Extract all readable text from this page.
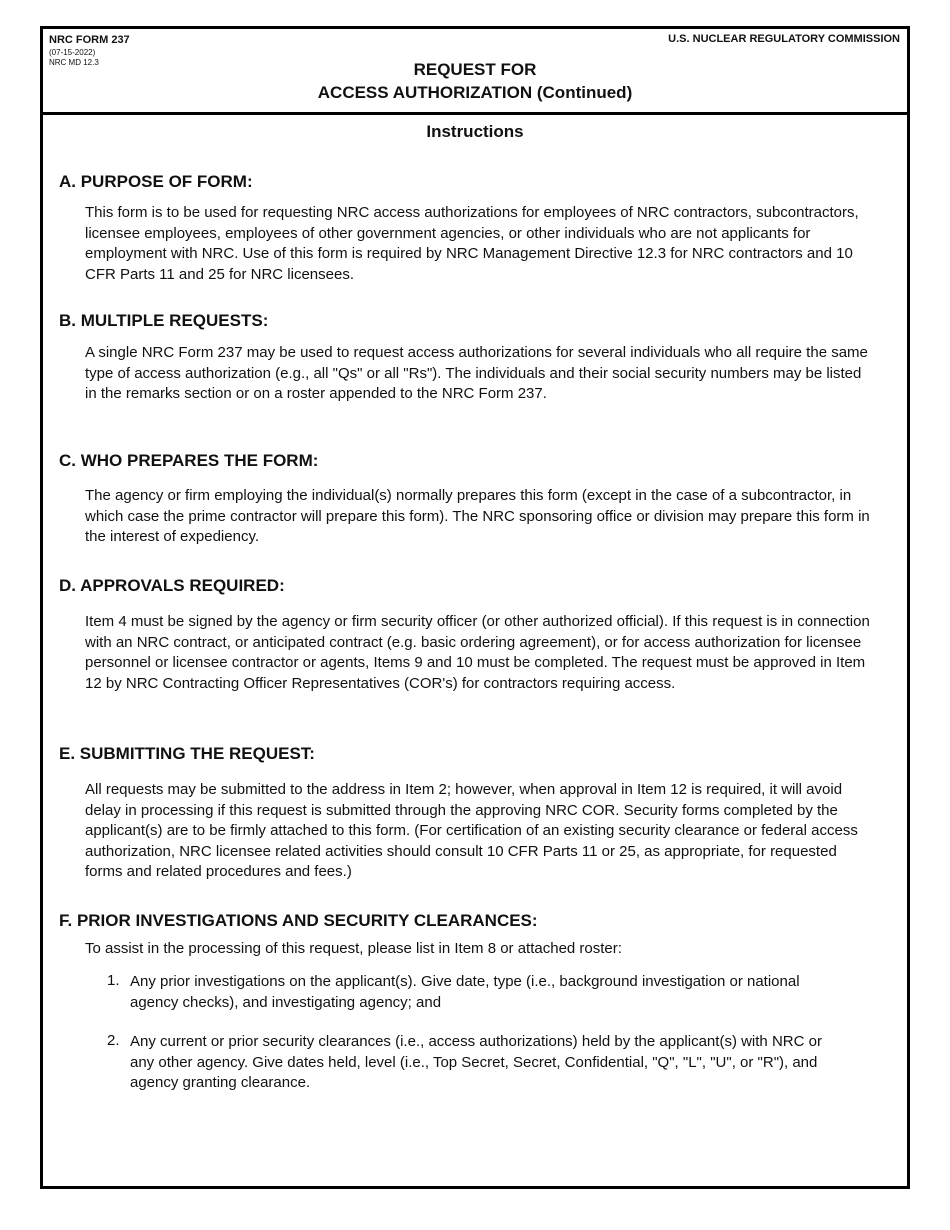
NRC FORM 237
(07-15-2022)
NRC MD 12.3
U.S. NUCLEAR REGULATORY COMMISSION
REQUEST FOR
ACCESS AUTHORIZATION (Continued)
Instructions
A. PURPOSE OF FORM:
This form is to be used for requesting NRC access authorizations for employees of NRC contractors, subcontractors, licensee employees, employees of other government agencies, or other individuals who are not applicants for employment with NRC. Use of this form is required by NRC Management Directive 12.3 for NRC contractors and 10 CFR Parts 11 and 25 for NRC licensees.
B. MULTIPLE REQUESTS:
A single NRC Form 237 may be used to request access authorizations for several individuals who all require the same type of access authorization (e.g., all "Qs" or all "Rs"). The individuals and their social security numbers may be listed in the remarks section or on a roster appended to the NRC Form 237.
C. WHO PREPARES THE FORM:
The agency or firm employing the individual(s) normally prepares this form (except in the case of a subcontractor, in which case the prime contractor will prepare this form). The NRC sponsoring office or division may prepare this form in the interest of expediency.
D. APPROVALS REQUIRED:
Item 4 must be signed by the agency or firm security officer (or other authorized official). If this request is in connection with an NRC contract, or anticipated contract (e.g. basic ordering agreement), or for access authorization for licensee personnel or licensee contractor or agents, Items 9 and 10 must be completed. The request must be approved in Item 12 by NRC Contracting Officer Representatives (COR's) for contractors requiring access.
E. SUBMITTING THE REQUEST:
All requests may be submitted to the address in Item 2; however, when approval in Item 12 is required, it will avoid delay in processing if this request is submitted through the approving NRC COR. Security forms completed by the applicant(s) are to be firmly attached to this form. (For certification of an existing security clearance or federal access authorization, NRC licensee related activities should consult 10 CFR Parts 11 or 25, as appropriate, for requested forms and related procedures and fees.)
F. PRIOR INVESTIGATIONS AND SECURITY CLEARANCES:
To assist in the processing of this request, please list in Item 8 or attached roster:
1. Any prior investigations on the applicant(s). Give date, type (i.e., background investigation or national agency checks), and investigating agency; and
2. Any current or prior security clearances (i.e., access authorizations) held by the applicant(s) with NRC or any other agency. Give dates held, level (i.e., Top Secret, Secret, Confidential, "Q", "L", "U", or "R"), and agency granting clearance.
